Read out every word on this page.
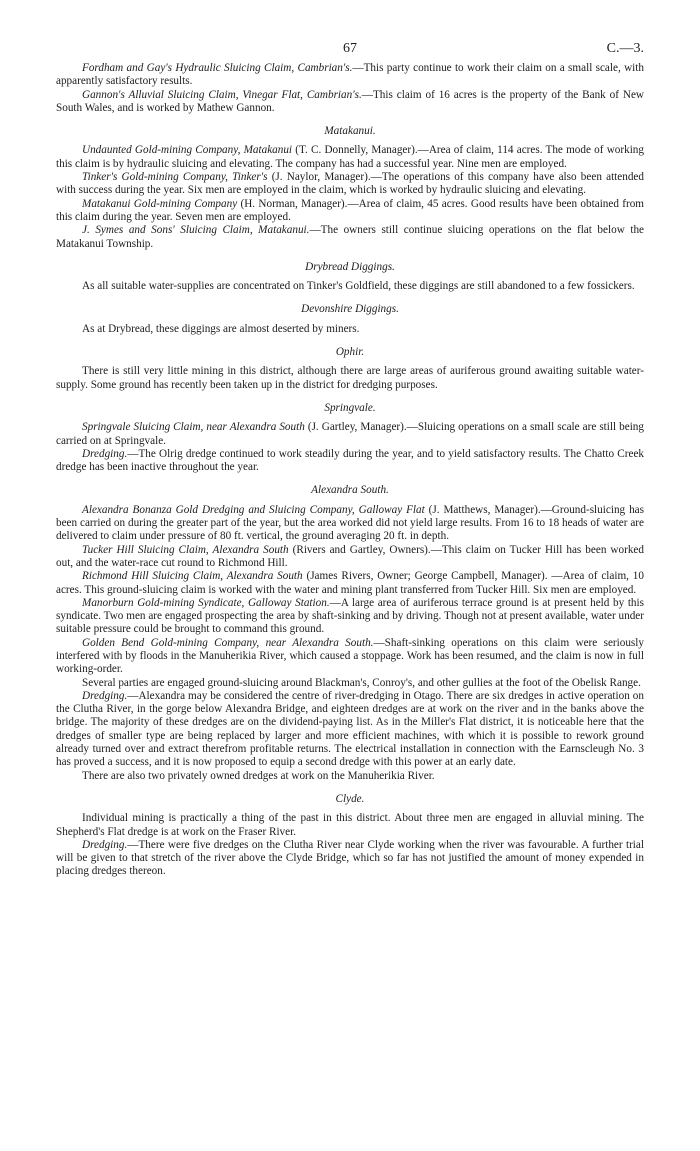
67	C.—3.

Fordham and Gay's Hydraulic Sluicing Claim, Cambrian's.—This party continue to work their claim on a small scale, with apparently satisfactory results.

Gannon's Alluvial Sluicing Claim, Vinegar Flat, Cambrian's.—This claim of 16 acres is the property of the Bank of New South Wales, and is worked by Mathew Gannon.

Matakanui.

Undaunted Gold-mining Company, Matakanui (T. C. Donnelly, Manager).—Area of claim, 114 acres. The mode of working this claim is by hydraulic sluicing and elevating. The company has had a successful year. Nine men are employed.

Tinker's Gold-mining Company, Tinker's (J. Naylor, Manager).—The operations of this company have also been attended with success during the year. Six men are employed in the claim, which is worked by hydraulic sluicing and elevating.

Matakanui Gold-mining Company (H. Norman, Manager).—Area of claim, 45 acres. Good results have been obtained from this claim during the year. Seven men are employed.

J. Symes and Sons' Sluicing Claim, Matakanui.—The owners still continue sluicing operations on the flat below the Matakanui Township.

Drybread Diggings.

As all suitable water-supplies are concentrated on Tinker's Goldfield, these diggings are still abandoned to a few fossickers.

Devonshire Diggings.

As at Drybread, these diggings are almost deserted by miners.

Ophir.

There is still very little mining in this district, although there are large areas of auriferous ground awaiting suitable water-supply. Some ground has recently been taken up in the district for dredging purposes.

Springvale.

Springvale Sluicing Claim, near Alexandra South (J. Gartley, Manager).—Sluicing operations on a small scale are still being carried on at Springvale.

Dredging.—The Olrig dredge continued to work steadily during the year, and to yield satisfactory results. The Chatto Creek dredge has been inactive throughout the year.

Alexandra South.

Alexandra Bonanza Gold Dredging and Sluicing Company, Galloway Flat (J. Matthews, Manager).—Ground-sluicing has been carried on during the greater part of the year, but the area worked did not yield large results. From 16 to 18 heads of water are delivered to claim under pressure of 80 ft. vertical, the ground averaging 20 ft. in depth.

Tucker Hill Sluicing Claim, Alexandra South (Rivers and Gartley, Owners).—This claim on Tucker Hill has been worked out, and the water-race cut round to Richmond Hill.

Richmond Hill Sluicing Claim, Alexandra South (James Rivers, Owner; George Campbell, Manager). —Area of claim, 10 acres. This ground-sluicing claim is worked with the water and mining plant transferred from Tucker Hill. Six men are employed.

Manorburn Gold-mining Syndicate, Galloway Station.—A large area of auriferous terrace ground is at present held by this syndicate. Two men are engaged prospecting the area by shaft-sinking and by driving. Though not at present available, water under suitable pressure could be brought to command this ground.

Golden Bend Gold-mining Company, near Alexandra South.—Shaft-sinking operations on this claim were seriously interfered with by floods in the Manuherikia River, which caused a stoppage. Work has been resumed, and the claim is now in full working-order.

Several parties are engaged ground-sluicing around Blackman's, Conroy's, and other gullies at the foot of the Obelisk Range.

Dredging.—Alexandra may be considered the centre of river-dredging in Otago. There are six dredges in active operation on the Clutha River, in the gorge below Alexandra Bridge, and eighteen dredges are at work on the river and in the banks above the bridge. The majority of these dredges are on the dividend-paying list. As in the Miller's Flat district, it is noticeable here that the dredges of smaller type are being replaced by larger and more efficient machines, with which it is possible to rework ground already turned over and extract therefrom profitable returns. The electrical installation in connection with the Earnscleugh No. 3 has proved a success, and it is now proposed to equip a second dredge with this power at an early date.

There are also two privately owned dredges at work on the Manuherikia River.

Clyde.

Individual mining is practically a thing of the past in this district. About three men are engaged in alluvial mining. The Shepherd's Flat dredge is at work on the Fraser River.

Dredging.—There were five dredges on the Clutha River near Clyde working when the river was favourable. A further trial will be given to that stretch of the river above the Clyde Bridge, which so far has not justified the amount of money expended in placing dredges thereon.
